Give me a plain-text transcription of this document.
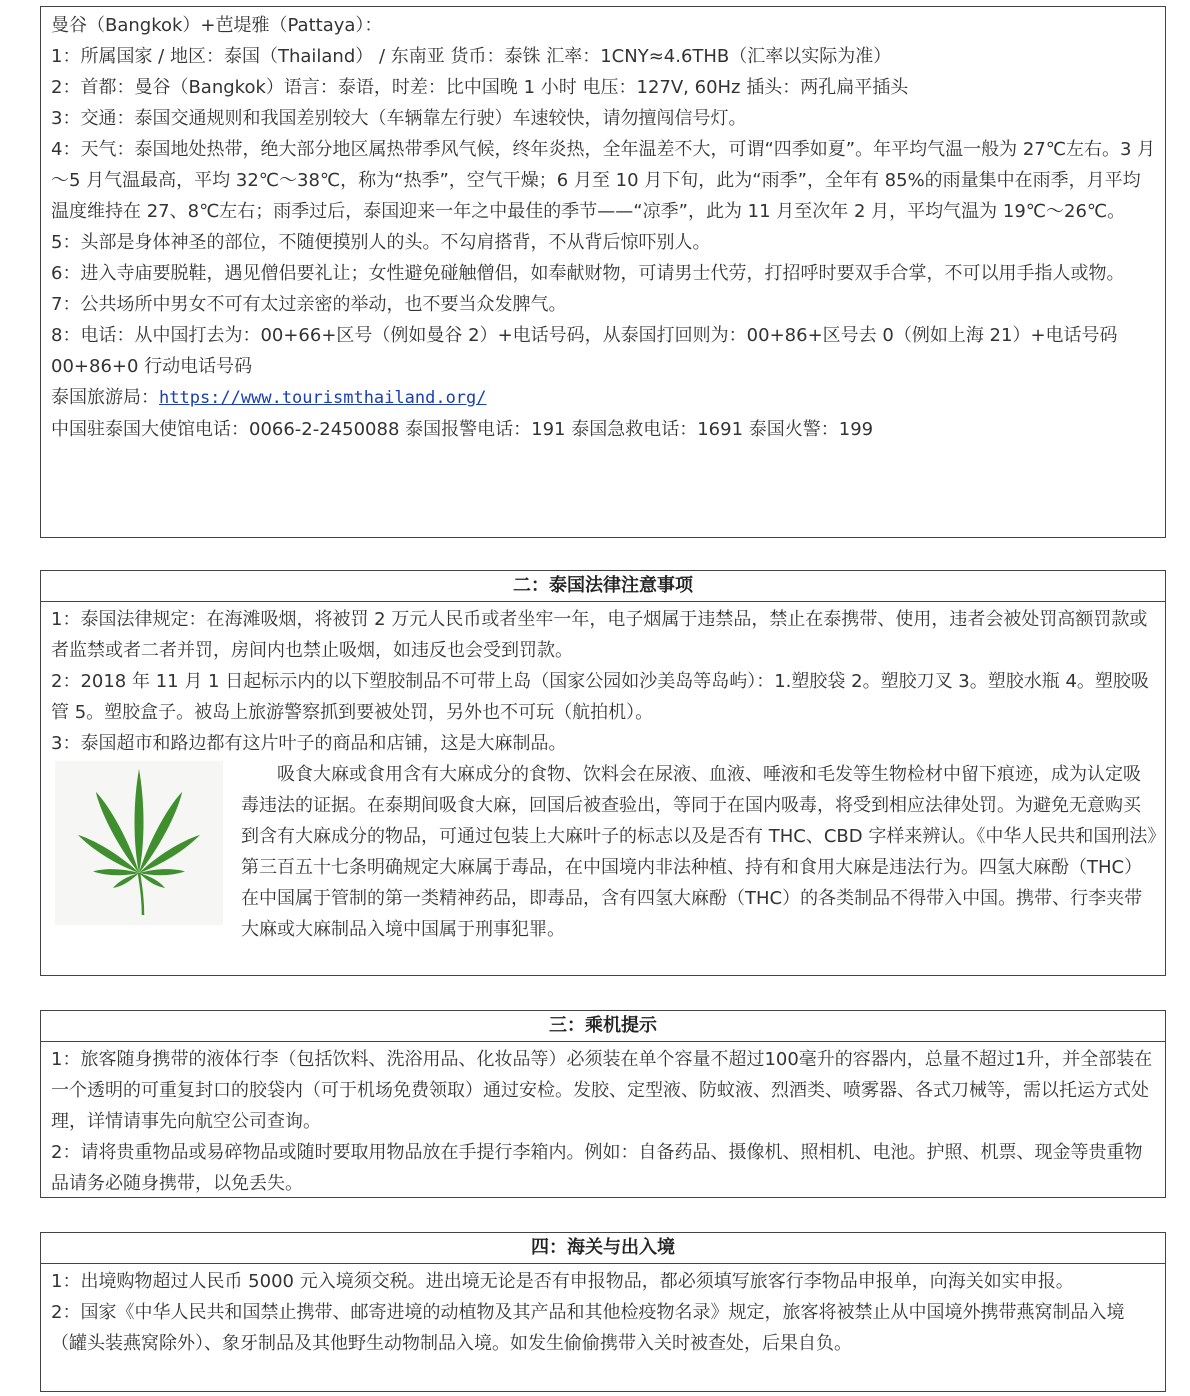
曼谷（Bangkok）+芭堤雅（Pattaya）：

1：所属国家 / 地区：泰国（Thailand） / 东南亚 货币：泰铢 汇率：1CNY≈4.6THB（汇率以实际为准）

2：首都：曼谷（Bangkok）语言：泰语，时差：比中国晚 1 小时 电压：127V, 60Hz 插头：两孔扁平插头

3：交通：泰国交通规则和我国差别较大（车辆靠左行驶）车速较快，请勿擅闯信号灯。

4：天气：泰国地处热带，绝大部分地区属热带季风气候，终年炎热，全年温差不大，可谓“四季如夏”。年平均气温一般为 27℃左右。3 月～5 月气温最高，平均 32℃～38℃，称为“热季”，空气干燥；6 月至 10 月下旬，此为“雨季”，全年有 85%的雨量集中在雨季，月平均温度维持在 27、8℃左右；雨季过后，泰国迎来一年之中最佳的季节——“凉季”，此为 11 月至次年 2 月，平均气温为 19℃～26℃。

5：头部是身体神圣的部位，不随便摸别人的头。不勾肩搭背，不从背后惊吓别人。

6：进入寺庙要脱鞋，遇见僧侣要礼让；女性避免碰触僧侣，如奉献财物，可请男士代劳，打招呼时要双手合掌，不可以用手指人或物。

7：公共场所中男女不可有太过亲密的举动，也不要当众发脾气。

8：电话：从中国打去为：00+66+区号（例如曼谷 2）+电话号码，从泰国打回则为：00+86+区号去 0（例如上海 21）+电话号码

00+86+0 行动电话号码

泰国旅游局：https://www.tourismthailand.org/

中国驻泰国大使馆电话：0066-2-2450088 泰国报警电话：191 泰国急救电话：1691 泰国火警：199

二：泰国法律注意事项

1：泰国法律规定：在海滩吸烟，将被罚 2 万元人民币或者坐牢一年，电子烟属于违禁品，禁止在泰携带、使用，违者会被处罚高额罚款或者监禁或者二者并罚，房间内也禁止吸烟，如违反也会受到罚款。

2：2018 年 11 月 1 日起标示内的以下塑胶制品不可带上岛（国家公园如沙美岛等岛屿）：1.塑胶袋 2。塑胶刀叉 3。塑胶水瓶 4。塑胶吸管 5。塑胶盒子。被岛上旅游警察抓到要被处罚，另外也不可玩（航拍机）。

3：泰国超市和路边都有这片叶子的商品和店铺，这是大麻制品。

吸食大麻或食用含有大麻成分的食物、饮料会在尿液、血液、唾液和毛发等生物检材中留下痕迹，成为认定吸毒违法的证据。在泰期间吸食大麻，回国后被查验出，等同于在国内吸毒，将受到相应法律处罚。为避免无意购买到含有大麻成分的物品，可通过包装上大麻叶子的标志以及是否有 THC、CBD 字样来辨认。《中华人民共和国刑法》第三百五十七条明确规定大麻属于毒品，在中国境内非法种植、持有和食用大麻是违法行为。四氢大麻酚（THC）在中国属于管制的第一类精神药品，即毒品，含有四氢大麻酚（THC）的各类制品不得带入中国。携带、行李夹带大麻或大麻制品入境中国属于刑事犯罪。

三：乘机提示

1：旅客随身携带的液体行李（包括饮料、洗浴用品、化妆品等）必须装在单个容量不超过100毫升的容器内，总量不超过1升，并全部装在一个透明的可重复封口的胶袋内（可于机场免费领取）通过安检。发胶、定型液、防蚊液、烈酒类、喷雾器、各式刀械等，需以托运方式处理，详情请事先向航空公司查询。

2：请将贵重物品或易碎物品或随时要取用物品放在手提行李箱内。例如：自备药品、摄像机、照相机、电池。护照、机票、现金等贵重物品请务必随身携带，以免丢失。

四：海关与出入境

1：出境购物超过人民币 5000 元入境须交税。进出境无论是否有申报物品，都必须填写旅客行李物品申报单，向海关如实申报。

2：国家《中华人民共和国禁止携带、邮寄进境的动植物及其产品和其他检疫物名录》规定，旅客将被禁止从中国境外携带燕窝制品入境（罐头装燕窝除外）、象牙制品及其他野生动物制品入境。如发生偷偷携带入关时被查处，后果自负。
